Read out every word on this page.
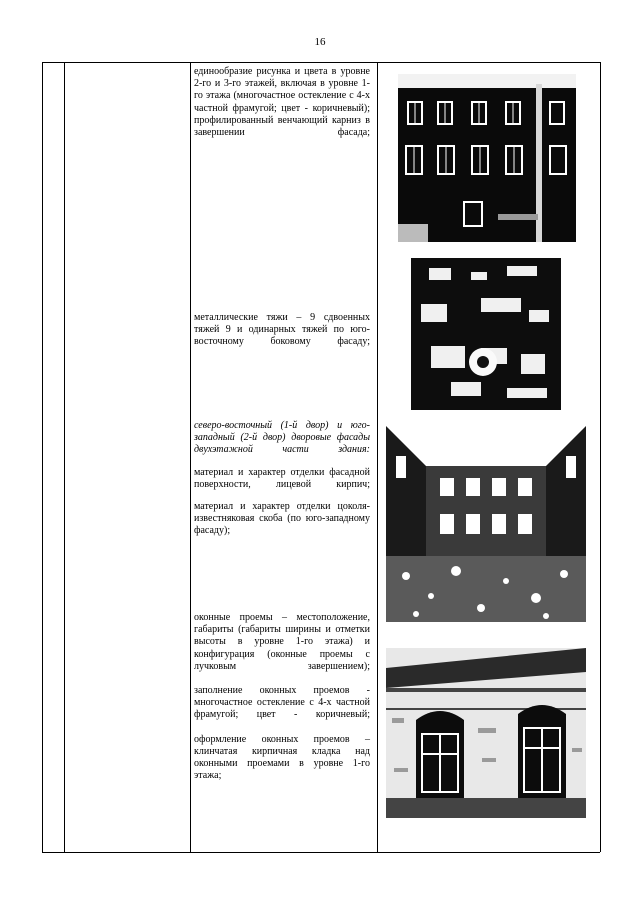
16

единообразие рисунка и цвета в уровне 2-го и 3-го этажей, включая в уровне 1-го этажа (многочастное остекление с 4-х частной фрамугой; цвет - коричневый);

профилированный венчающий карниз в завершении фасада;

металлические тяжи – 9 сдвоенных тяжей 9 и одинарных тяжей по юго-восточному боковому фасаду;

северо-восточный (1-й двор) и юго-западный (2-й двор) дворовые фасады двухэтажной части здания:

материал и характер отделки фасадной поверхности, лицевой кирпич;

материал и характер отделки цоколя- известняковая скоба (по юго-западному фасаду);

оконные проемы – местоположение, габариты (габариты ширины и отметки высоты в уровне 1-го этажа) и конфигурация (оконные проемы с лучковым завершением);

заполнение оконных проемов - многочастное остекление с 4-х частной фрамугой; цвет - коричневый;

оформление оконных проемов – клинчатая кирпичная кладка над оконными проемами в уровне 1-го этажа;
